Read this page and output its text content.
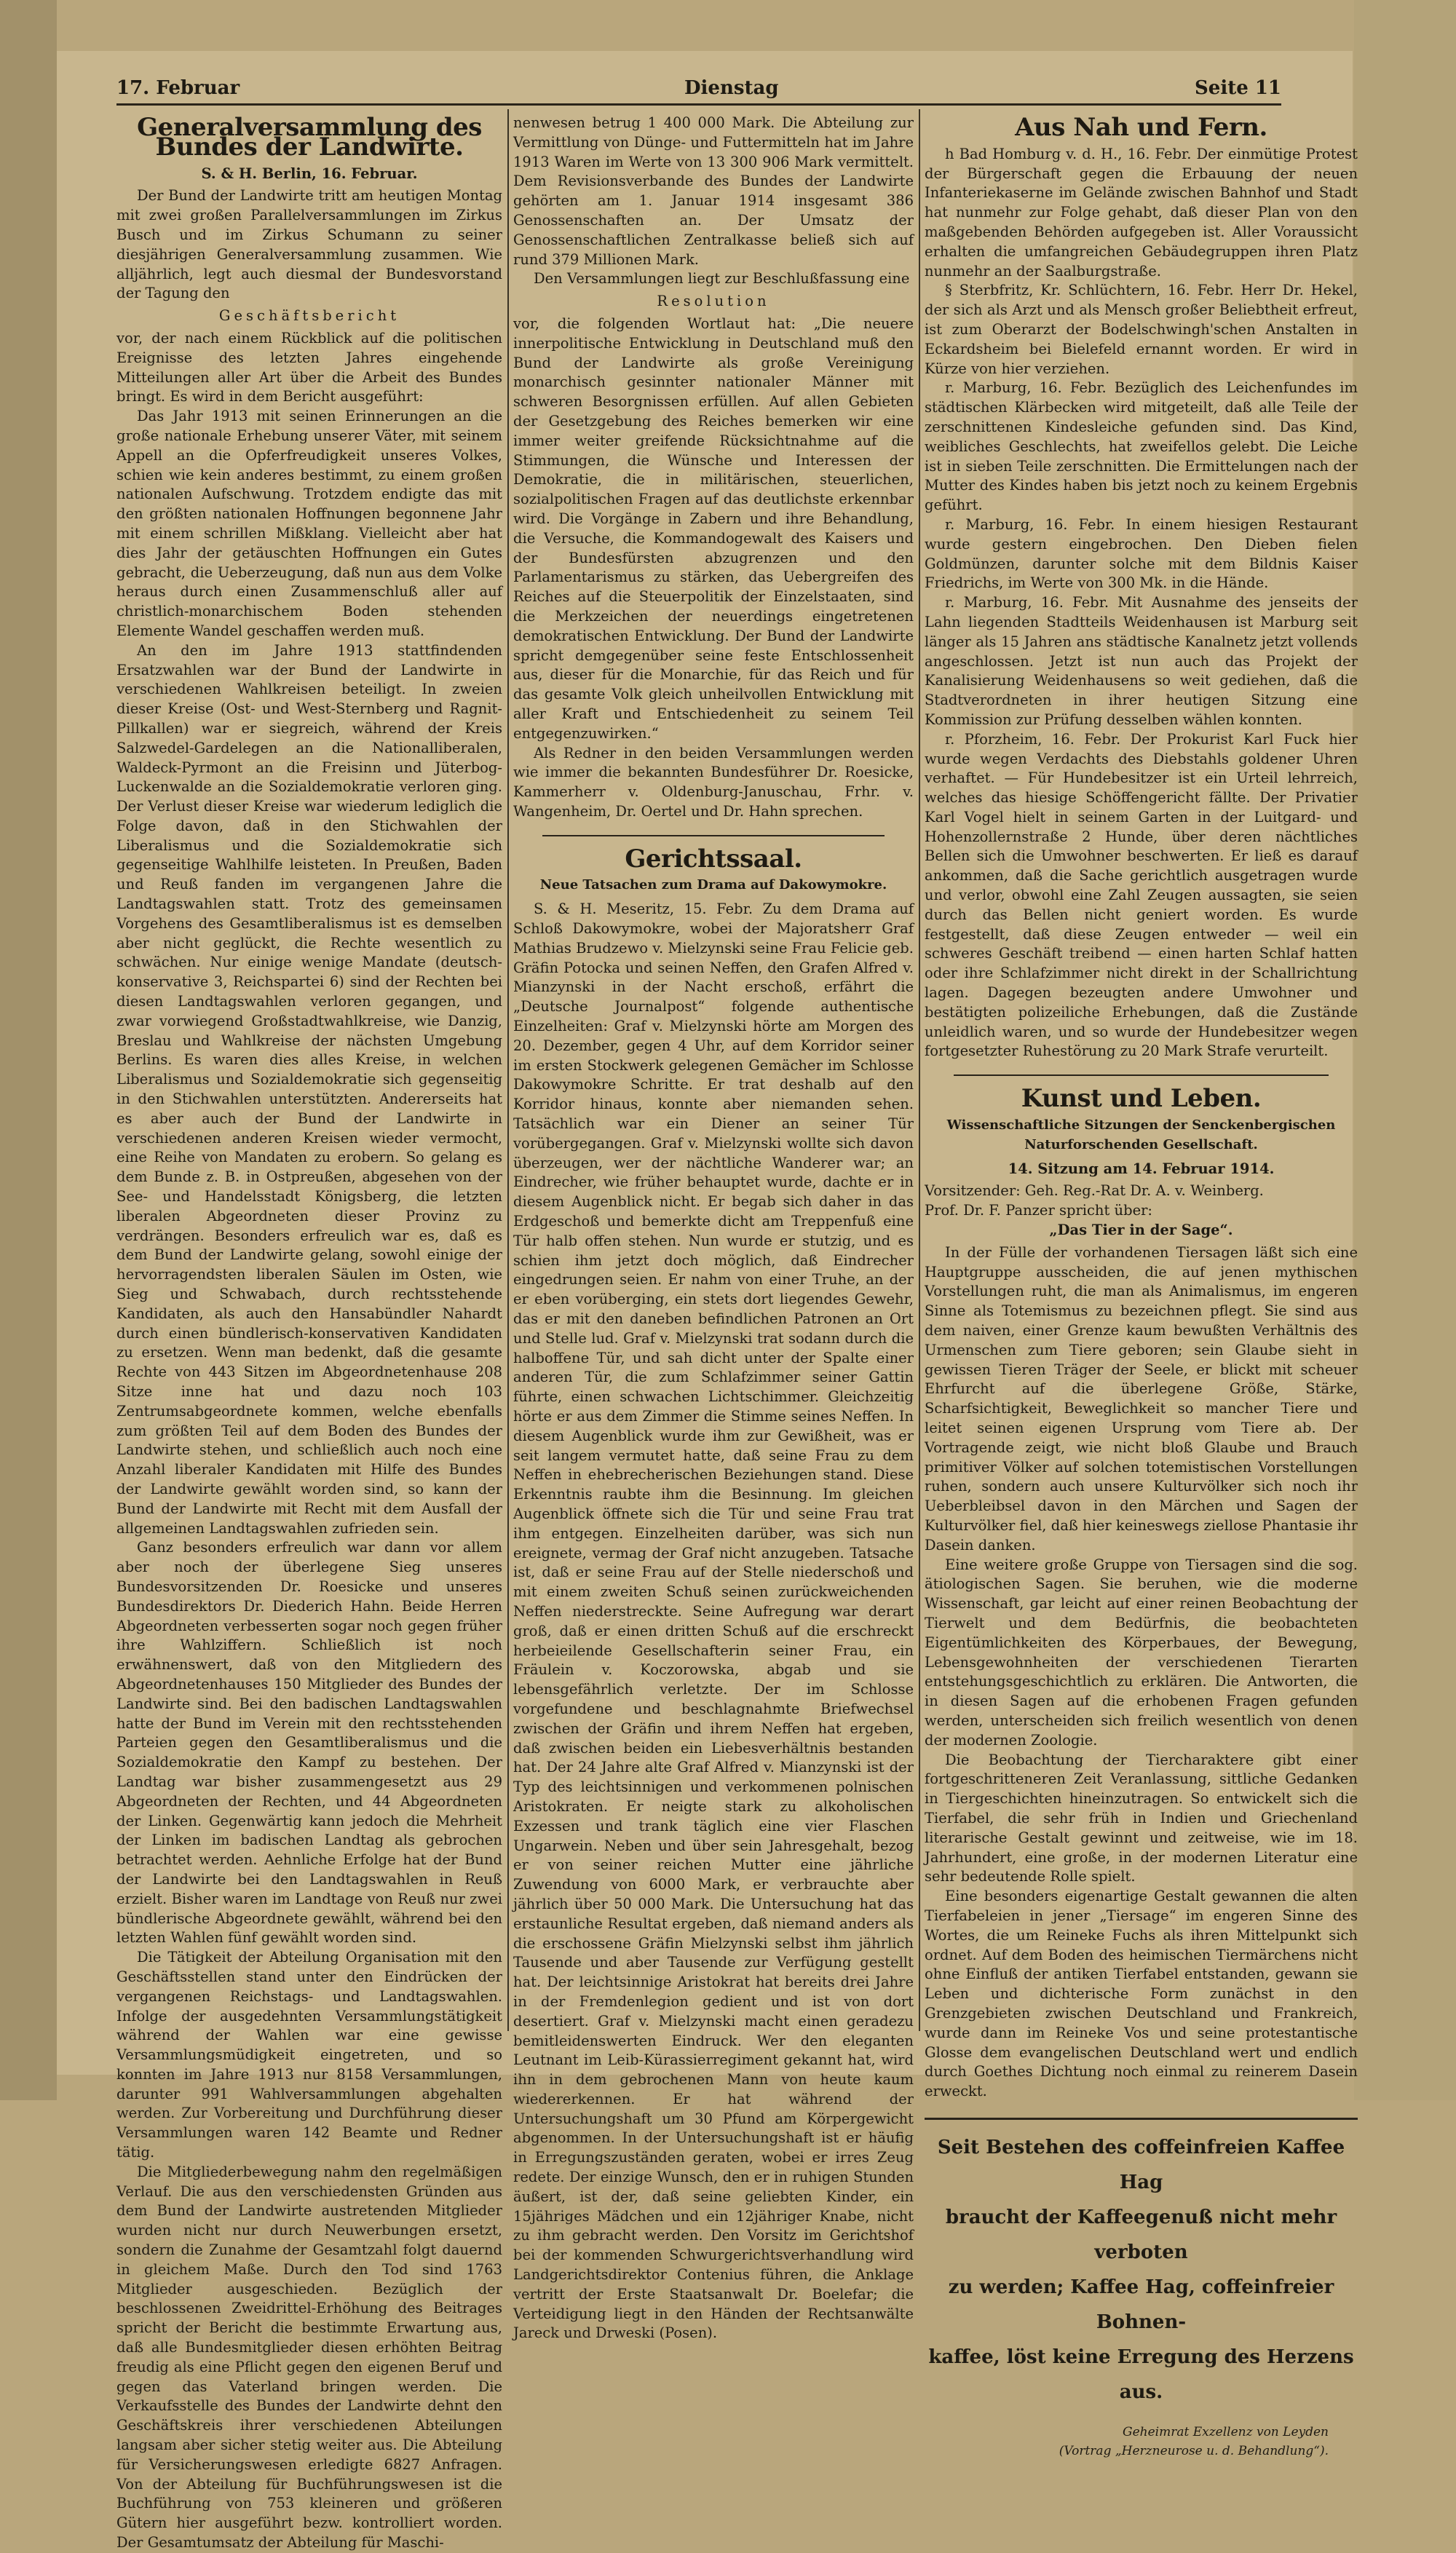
17. Februar	Dienstag	Seite 11
Generalversammlung des Bundes der Landwirte.
S. & H. Berlin, 16. Februar.

Der Bund der Landwirte tritt am heutigen Montag mit zwei großen Parallelversammlungen im Zirkus Busch und im Zirkus Schumann zu seiner diesjährigen Generalversammlung zusammen. Wie alljährlich, legt auch diesmal der Bundesvorstand der Tagung den

Geschäftsbericht

vor, der nach einem Rückblick auf die politischen Ereignisse des letzten Jahres eingehende Mitteilungen aller Art über die Arbeit des Bundes bringt. Es wird in dem Bericht ausgeführt:

Das Jahr 1913 mit seinen Erinnerungen an die große nationale Erhebung unserer Väter, mit seinem Appell an die Opferfreudigkeit unseres Volkes, schien wie kein anderes bestimmt, zu einem großen nationalen Aufschwung. Trotzdem endigte das mit den größten nationalen Hoffnungen begonnene Jahr mit einem schrillen Mißklang. Vielleicht aber hat dies Jahr der getäuschten Hoffnungen ein Gutes gebracht, die Ueberzeugung, daß nun aus dem Volke heraus durch einen Zusammenschluß aller auf christlich-monarchischem Boden stehenden Elemente Wandel geschaffen werden muß.

An den im Jahre 1913 stattfindenden Ersatzwahlen war der Bund der Landwirte in verschiedenen Wahlkreisen beteiligt. In zweien dieser Kreise (Ost- und West-Sternberg und Ragnit-Pillkallen) war er siegreich, während der Kreis Salzwedel-Gardelegen an die Nationalliberalen, Waldeck-Pyrmont an die Freisinn und Jüterbog-Luckenwalde an die Sozialdemokratie verloren ging. Der Verlust dieser Kreise war wiederum lediglich die Folge davon, daß in den Stichwahlen der Liberalismus und die Sozialdemokratie sich gegenseitige Wahlhilfe leisteten. In Preußen, Baden und Reuß fanden im vergangenen Jahre die Landtagswahlen statt. Trotz des gemeinsamen Vorgehens des Gesamtliberalismus ist es demselben aber nicht geglückt, die Rechte wesentlich zu schwächen. Nur einige wenige Mandate (deutsch-konservative 3, Reichspartei 6) sind der Rechten bei diesen Landtagswahlen verloren gegangen, und zwar vorwiegend Großstadtwahlkreise, wie Danzig, Breslau und Wahlkreise der nächsten Umgebung Berlins. Es waren dies alles Kreise, in welchen Liberalismus und Sozialdemokratie sich gegenseitig in den Stichwahlen unterstützten. Andererseits hat es aber auch der Bund der Landwirte in verschiedenen anderen Kreisen wieder vermocht, eine Reihe von Mandaten zu erobern. So gelang es dem Bunde z. B. in Ostpreußen, abgesehen von der See- und Handelsstadt Königsberg, die letzten liberalen Abgeordneten dieser Provinz zu verdrängen. Besonders erfreulich war es, daß es dem Bund der Landwirte gelang, sowohl einige der hervorragendsten liberalen Säulen im Osten, wie Sieg und Schwabach, durch rechtsstehende Kandidaten, als auch den Hansabündler Nahardt durch einen bündlerisch-konservativen Kandidaten zu ersetzen. Wenn man bedenkt, daß die gesamte Rechte von 443 Sitzen im Abgeordnetenhause 208 Sitze inne hat und dazu noch 103 Zentrumsabgeordnete kommen, welche ebenfalls zum größten Teil auf dem Boden des Bundes der Landwirte stehen, und schließlich auch noch eine Anzahl liberaler Kandidaten mit Hilfe des Bundes der Landwirte gewählt worden sind, so kann der Bund der Landwirte mit Recht mit dem Ausfall der allgemeinen Landtagswahlen zufrieden sein.

Ganz besonders erfreulich war dann vor allem aber noch der überlegene Sieg unseres Bundesvorsitzenden Dr. Roesicke und unseres Bundesdirektors Dr. Diederich Hahn. Beide Herren Abgeordneten verbesserten sogar noch gegen früher ihre Wahlziffern. Schließlich ist noch erwähnenswert, daß von den Mitgliedern des Abgeordnetenhauses 150 Mitglieder des Bundes der Landwirte sind. Bei den badischen Landtagswahlen hatte der Bund im Verein mit den rechtsstehenden Parteien gegen den Gesamtliberalismus und die Sozialdemokratie den Kampf zu bestehen. Der Landtag war bisher zusammengesetzt aus 29 Abgeordneten der Rechten, und 44 Abgeordneten der Linken. Gegenwärtig kann jedoch die Mehrheit der Linken im badischen Landtag als gebrochen betrachtet werden. Aehnliche Erfolge hat der Bund der Landwirte bei den Landtagswahlen in Reuß erzielt. Bisher waren im Landtage von Reuß nur zwei bündlerische Abgeordnete gewählt, während bei den letzten Wahlen fünf gewählt worden sind.

Die Tätigkeit der Abteilung Organisation mit den Geschäftsstellen stand unter den Eindrücken der vergangenen Reichstags- und Landtagswahlen. Infolge der ausgedehnten Versammlungstätigkeit während der Wahlen war eine gewisse Versammlungsmüdigkeit eingetreten, und so konnten im Jahre 1913 nur 8158 Versammlungen, darunter 991 Wahlversammlungen abgehalten werden. Zur Vorbereitung und Durchführung dieser Versammlungen waren 142 Beamte und Redner tätig.

Die Mitgliederbewegung nahm den regelmäßigen Verlauf. Die aus den verschiedensten Gründen aus dem Bund der Landwirte austretenden Mitglieder wurden nicht nur durch Neuwerbungen ersetzt, sondern die Zunahme der Gesamtzahl folgt dauernd in gleichem Maße. Durch den Tod sind 1763 Mitglieder ausgeschieden. Bezüglich der beschlossenen Zweidrittel-Erhöhung des Beitrages spricht der Bericht die bestimmte Erwartung aus, daß alle Bundesmitglieder diesen erhöhten Beitrag freudig als eine Pflicht gegen den eigenen Beruf und gegen das Vaterland bringen werden. Die Verkaufsstelle des Bundes der Landwirte dehnt den Geschäftskreis ihrer verschiedenen Abteilungen langsam aber sicher stetig weiter aus. Die Abteilung für Versicherungswesen erledigte 6827 Anfragen. Von der Abteilung für Buchführungswesen ist die Buchführung von 753 kleineren und größeren Gütern hier ausgeführt bezw. kontrolliert worden. Der Gesamtumsatz der Abteilung für Maschi-

nenwesen betrug 1 400 000 Mark. Die Abteilung zur Vermittlung von Dünge- und Futtermitteln hat im Jahre 1913 Waren im Werte von 13 300 906 Mark vermittelt. Dem Revisionsverbande des Bundes der Landwirte gehörten am 1. Januar 1914 insgesamt 386 Genossenschaften an. Der Umsatz der Genossenschaftlichen Zentralkasse beließ sich auf rund 379 Millionen Mark.

Den Versammlungen liegt zur Beschlußfassung eine

Resolution

vor, die folgenden Wortlaut hat: „Die neuere innerpolitische Entwicklung in Deutschland muß den Bund der Landwirte als große Vereinigung monarchisch gesinnter nationaler Männer mit schweren Besorgnissen erfüllen. Auf allen Gebieten der Gesetzgebung des Reiches bemerken wir eine immer weiter greifende Rücksichtnahme auf die Stimmungen, die Wünsche und Interessen der Demokratie, die in militärischen, steuerlichen, sozialpolitischen Fragen auf das deutlichste erkennbar wird. Die Vorgänge in Zabern und ihre Behandlung, die Versuche, die Kommandogewalt des Kaisers und der Bundesfürsten abzugrenzen und den Parlamentarismus zu stärken, das Uebergreifen des Reiches auf die Steuerpolitik der Einzelstaaten, sind die Merkzeichen der neuerdings eingetretenen demokratischen Entwicklung. Der Bund der Landwirte spricht demgegenüber seine feste Entschlossenheit aus, dieser für die Monarchie, für das Reich und für das gesamte Volk gleich unheilvollen Entwicklung mit aller Kraft und Entschiedenheit zu seinem Teil entgegenzuwirken.“

Als Redner in den beiden Versammlungen werden wie immer die bekannten Bundesführer Dr. Roesicke, Kammerherr v. Oldenburg-Januschau, Frhr. v. Wangenheim, Dr. Oertel und Dr. Hahn sprechen.

Gerichtssaal.
Neue Tatsachen zum Drama auf Dakowymokre.

S. & H. Meseritz, 15. Febr. Zu dem Drama auf Schloß Dakowymokre, wobei der Majoratsherr Graf Mathias Brudzewo v. Mielzynski seine Frau Felicie geb. Gräfin Potocka und seinen Neffen, den Grafen Alfred v. Mianzynski in der Nacht erschoß, erfährt die „Deutsche Journalpost“ folgende authentische Einzelheiten: Graf v. Mielzynski hörte am Morgen des 20. Dezember, gegen 4 Uhr, auf dem Korridor seiner im ersten Stockwerk gelegenen Gemächer im Schlosse Dakowymokre Schritte. Er trat deshalb auf den Korridor hinaus, konnte aber niemanden sehen. Tatsächlich war ein Diener an seiner Tür vorübergegangen. Graf v. Mielzynski wollte sich davon überzeugen, wer der nächtliche Wanderer war; an Eindrecher, wie früher behauptet wurde, dachte er in diesem Augenblick nicht. Er begab sich daher in das Erdgeschoß und bemerkte dicht am Treppenfuß eine Tür halb offen stehen. Nun wurde er stutzig, und es schien ihm jetzt doch möglich, daß Eindrecher eingedrungen seien. Er nahm von einer Truhe, an der er eben vorüberging, ein stets dort liegendes Gewehr, das er mit den daneben befindlichen Patronen an Ort und Stelle lud. Graf v. Mielzynski trat sodann durch die halboffene Tür, und sah dicht unter der Spalte einer anderen Tür, die zum Schlafzimmer seiner Gattin führte, einen schwachen Lichtschimmer. Gleichzeitig hörte er aus dem Zimmer die Stimme seines Neffen. In diesem Augenblick wurde ihm zur Gewißheit, was er seit langem vermutet hatte, daß seine Frau zu dem Neffen in ehebrecherischen Beziehungen stand. Diese Erkenntnis raubte ihm die Besinnung. Im gleichen Augenblick öffnete sich die Tür und seine Frau trat ihm entgegen. Einzelheiten darüber, was sich nun ereignete, vermag der Graf nicht anzugeben. Tatsache ist, daß er seine Frau auf der Stelle niederschoß und mit einem zweiten Schuß seinen zurückweichenden Neffen niederstreckte. Seine Aufregung war derart groß, daß er einen dritten Schuß auf die erschreckt herbeieilende Gesellschafterin seiner Frau, ein Fräulein v. Koczorowska, abgab und sie lebensgefährlich verletzte. Der im Schlosse vorgefundene und beschlagnahmte Briefwechsel zwischen der Gräfin und ihrem Neffen hat ergeben, daß zwischen beiden ein Liebesverhältnis bestanden hat. Der 24 Jahre alte Graf Alfred v. Mianzynski ist der Typ des leichtsinnigen und verkommenen polnischen Aristokraten. Er neigte stark zu alkoholischen Exzessen und trank täglich eine vier Flaschen Ungarwein. Neben und über sein Jahresgehalt, bezog er von seiner reichen Mutter eine jährliche Zuwendung von 6000 Mark, er verbrauchte aber jährlich über 50 000 Mark. Die Untersuchung hat das erstaunliche Resultat ergeben, daß niemand anders als die erschossene Gräfin Mielzynski selbst ihm jährlich Tausende und aber Tausende zur Verfügung gestellt hat. Der leichtsinnige Aristokrat hat bereits drei Jahre in der Fremdenlegion gedient und ist von dort desertiert. Graf v. Mielzynski macht einen geradezu bemitleidenswerten Eindruck. Wer den eleganten Leutnant im Leib-Kürassierregiment gekannt hat, wird ihn in dem gebrochenen Mann von heute kaum wiedererkennen. Er hat während der Untersuchungshaft um 30 Pfund am Körpergewicht abgenommen. In der Untersuchungshaft ist er häufig in Erregungszuständen geraten, wobei er irres Zeug redete. Der einzige Wunsch, den er in ruhigen Stunden äußert, ist der, daß seine geliebten Kinder, ein 15jähriges Mädchen und ein 12jähriger Knabe, nicht zu ihm gebracht werden. Den Vorsitz im Gerichtshof bei der kommenden Schwurgerichtsverhandlung wird Landgerichtsdirektor Contenius führen, die Anklage vertritt der Erste Staatsanwalt Dr. Boelefar; die Verteidigung liegt in den Händen der Rechtsanwälte Jareck und Drweski (Posen).

Aus Nah und Fern.

h Bad Homburg v. d. H., 16. Febr. Der einmütige Protest der Bürgerschaft gegen die Erbauung der neuen Infanteriekaserne im Gelände zwischen Bahnhof und Stadt hat nunmehr zur Folge gehabt, daß dieser Plan von den maßgebenden Behörden aufgegeben ist. Aller Voraussicht erhalten die umfangreichen Gebäudegruppen ihren Platz nunmehr an der Saalburgstraße.

§ Sterbfritz, Kr. Schlüchtern, 16. Febr. Herr Dr. Hekel, der sich als Arzt und als Mensch großer Beliebtheit erfreut, ist zum Oberarzt der Bodelschwingh'schen Anstalten in Eckardsheim bei Bielefeld ernannt worden. Er wird in Kürze von hier verziehen.

r. Marburg, 16. Febr. Bezüglich des Leichenfundes im städtischen Klärbecken wird mitgeteilt, daß alle Teile der zerschnittenen Kindesleiche gefunden sind. Das Kind, weibliches Geschlechts, hat zweifellos gelebt. Die Leiche ist in sieben Teile zerschnitten. Die Ermittelungen nach der Mutter des Kindes haben bis jetzt noch zu keinem Ergebnis geführt.

r. Marburg, 16. Febr. In einem hiesigen Restaurant wurde gestern eingebrochen. Den Dieben fielen Goldmünzen, darunter solche mit dem Bildnis Kaiser Friedrichs, im Werte von 300 Mk. in die Hände.

r. Marburg, 16. Febr. Mit Ausnahme des jenseits der Lahn liegenden Stadtteils Weidenhausen ist Marburg seit länger als 15 Jahren ans städtische Kanalnetz jetzt vollends angeschlossen. Jetzt ist nun auch das Projekt der Kanalisierung Weidenhausens so weit gediehen, daß die Stadtverordneten in ihrer heutigen Sitzung eine Kommission zur Prüfung desselben wählen konnten.

r. Pforzheim, 16. Febr. Der Prokurist Karl Fuck hier wurde wegen Verdachts des Diebstahls goldener Uhren verhaftet. — Für Hundebesitzer ist ein Urteil lehrreich, welches das hiesige Schöffengericht fällte. Der Privatier Karl Vogel hielt in seinem Garten in der Luitgard- und Hohenzollernstraße 2 Hunde, über deren nächtliches Bellen sich die Umwohner beschwerten. Er ließ es darauf ankommen, daß die Sache gerichtlich ausgetragen wurde und verlor, obwohl eine Zahl Zeugen aussagten, sie seien durch das Bellen nicht geniert worden. Es wurde festgestellt, daß diese Zeugen entweder — weil ein schweres Geschäft treibend — einen harten Schlaf hatten oder ihre Schlafzimmer nicht direkt in der Schallrichtung lagen. Dagegen bezeugten andere Umwohner und bestätigten polizeiliche Erhebungen, daß die Zustände unleidlich waren, und so wurde der Hundebesitzer wegen fortgesetzter Ruhestörung zu 20 Mark Strafe verurteilt.

Kunst und Leben.
Wissenschaftliche Sitzungen der Senckenbergischen Naturforschenden Gesellschaft.
14. Sitzung am 14. Februar 1914.

Vorsitzender: Geh. Reg.-Rat Dr. A. v. Weinberg.

Prof. Dr. F. Panzer spricht über:

„Das Tier in der Sage“.

In der Fülle der vorhandenen Tiersagen läßt sich eine Hauptgruppe ausscheiden, die auf jenen mythischen Vorstellungen ruht, die man als Animalismus, im engeren Sinne als Totemismus zu bezeichnen pflegt. Sie sind aus dem naiven, einer Grenze kaum bewußten Verhältnis des Urmenschen zum Tiere geboren; sein Glaube sieht in gewissen Tieren Träger der Seele, er blickt mit scheuer Ehrfurcht auf die überlegene Größe, Stärke, Scharfsichtigkeit, Beweglichkeit so mancher Tiere und leitet seinen eigenen Ursprung vom Tiere ab. Der Vortragende zeigt, wie nicht bloß Glaube und Brauch primitiver Völker auf solchen totemistischen Vorstellungen ruhen, sondern auch unsere Kulturvölker sich noch ihr Ueberbleibsel davon in den Märchen und Sagen der Kulturvölker fiel, daß hier keineswegs ziellose Phantasie ihr Dasein danken.

Eine weitere große Gruppe von Tiersagen sind die sog. ätiologischen Sagen. Sie beruhen, wie die moderne Wissenschaft, gar leicht auf einer reinen Beobachtung der Tierwelt und dem Bedürfnis, die beobachteten Eigentümlichkeiten des Körperbaues, der Bewegung, Lebensgewohnheiten der verschiedenen Tierarten entstehungsgeschichtlich zu erklären. Die Antworten, die in diesen Sagen auf die erhobenen Fragen gefunden werden, unterscheiden sich freilich wesentlich von denen der modernen Zoologie.

Die Beobachtung der Tiercharaktere gibt einer fortgeschritteneren Zeit Veranlassung, sittliche Gedanken in Tiergeschichten hineinzutragen. So entwickelt sich die Tierfabel, die sehr früh in Indien und Griechenland literarische Gestalt gewinnt und zeitweise, wie im 18. Jahrhundert, eine große, in der modernen Literatur eine sehr bedeutende Rolle spielt.

Eine besonders eigenartige Gestalt gewannen die alten Tierfabeleien in jener „Tiersage“ im engeren Sinne des Wortes, die um Reineke Fuchs als ihren Mittelpunkt sich ordnet. Auf dem Boden des heimischen Tiermärchens nicht ohne Einfluß der antiken Tierfabel entstanden, gewann sie Leben und dichterische Form zunächst in den Grenzgebieten zwischen Deutschland und Frankreich, wurde dann im Reineke Vos und seine protestantische Glosse dem evangelischen Deutschland wert und endlich durch Goethes Dichtung noch einmal zu reinerem Dasein erweckt.

Seit Bestehen des coffeinfreien Kaffee Hag
braucht der Kaffeegenuß nicht mehr verboten
zu werden; Kaffee Hag, coffeinfreier Bohnen-
kaffee, löst keine Erregung des Herzens aus.
Geheimrat Exzellenz von Leyden
(Vortrag „Herzneurose u. d. Behandlung“).
